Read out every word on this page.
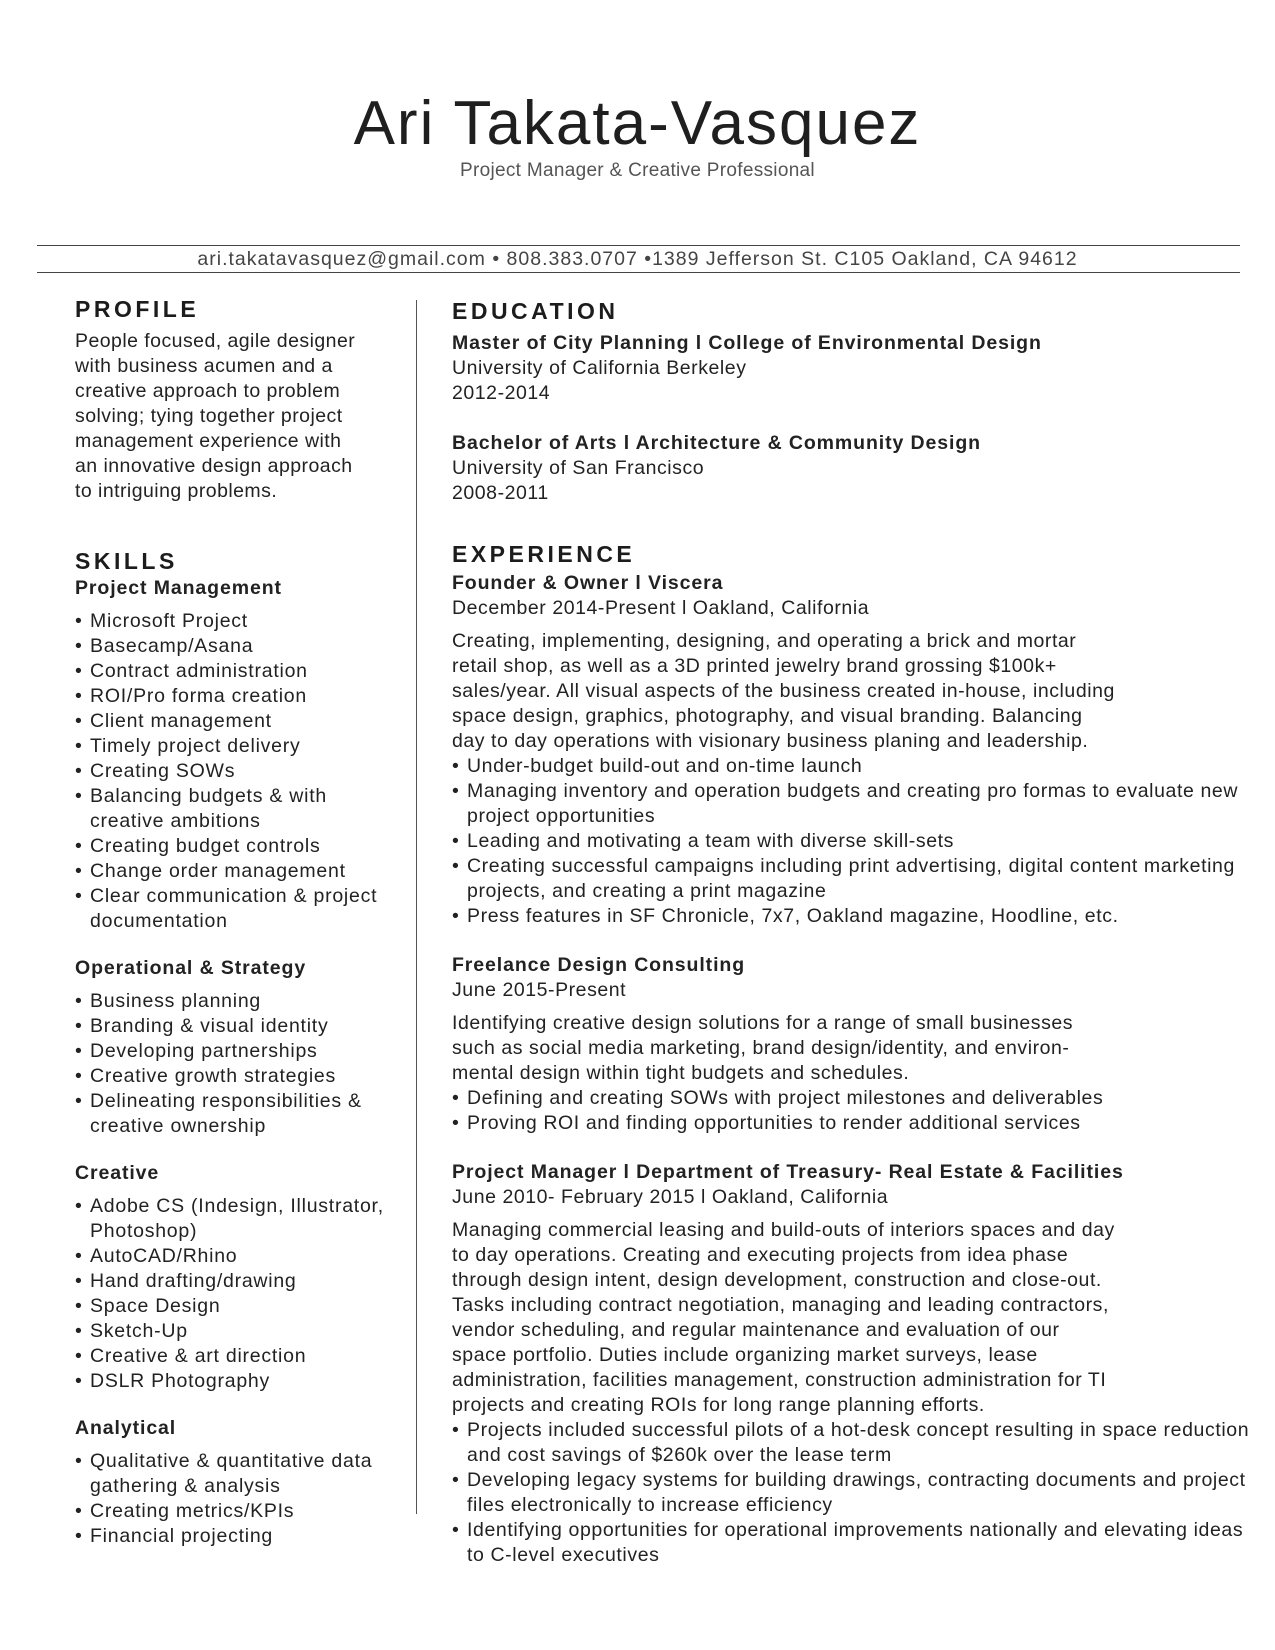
Ari Takata-Vasquez
Project Manager & Creative Professional
ari.takatavasquez@gmail.com • 808.383.0707 •1389 Jefferson St. C105 Oakland, CA 94612
PROFILE
People focused, agile designer
with business acumen and a
creative approach to problem
solving; tying together project
management experience with
an innovative design approach
to intriguing problems.
SKILLS
Project Management
• Microsoft Project
• Basecamp/Asana
• Contract administration
• ROI/Pro forma creation
• Client management
• Timely project delivery
• Creating SOWs
• Balancing budgets & with creative ambitions
• Creating budget controls
• Change order management
• Clear communication & project documentation
Operational & Strategy
• Business planning
• Branding & visual identity
• Developing partnerships
• Creative growth strategies
• Delineating responsibilities & creative ownership
Creative
• Adobe CS (Indesign, Illustrator, Photoshop)
• AutoCAD/Rhino
• Hand drafting/drawing
• Space Design
• Sketch-Up
• Creative & art direction
• DSLR Photography
Analytical
• Qualitative & quantitative data gathering & analysis
• Creating metrics/KPIs
• Financial projecting
EDUCATION
Master of City Planning l College of Environmental Design
University of California Berkeley
2012-2014
Bachelor of Arts l Architecture & Community Design
University of San Francisco
2008-2011
EXPERIENCE
Founder & Owner l Viscera
December 2014-Present l Oakland, California
Creating, implementing, designing, and operating a brick and mortar
retail shop, as well as a 3D printed jewelry brand grossing $100k+
sales/year. All visual aspects of the business created in-house, including
space design, graphics, photography, and visual branding. Balancing
day to day operations with visionary business planing and leadership.
• Under-budget build-out and on-time launch
• Managing inventory and operation budgets and creating pro formas to evaluate new project opportunities
• Leading and motivating a team with diverse skill-sets
• Creating successful campaigns including print advertising, digital content marketing projects, and creating a print magazine
• Press features in SF Chronicle, 7x7, Oakland magazine, Hoodline, etc.
Freelance Design Consulting
June 2015-Present
Identifying creative design solutions for a range of small businesses
such as social media marketing, brand design/identity, and environ-
mental design within tight budgets and schedules.
• Defining and creating SOWs with project milestones and deliverables
• Proving ROI and finding opportunities to render additional services
Project Manager l Department of Treasury- Real Estate & Facilities
June 2010- February 2015 l Oakland, California
Managing commercial leasing and build-outs of interiors spaces and day
to day operations. Creating and executing projects from idea phase
through design intent, design development, construction and close-out.
Tasks including contract negotiation, managing and leading contractors,
vendor scheduling, and regular maintenance and evaluation of our
space portfolio. Duties include organizing market surveys, lease
administration, facilities management, construction administration for TI
projects and creating ROIs for long range planning efforts.
• Projects included successful pilots of a hot-desk concept resulting in space reduction and cost savings of $260k over the lease term
• Developing legacy systems for building drawings, contracting documents and project files electronically to increase efficiency
• Identifying opportunities for operational improvements nationally and elevating ideas to C-level executives
